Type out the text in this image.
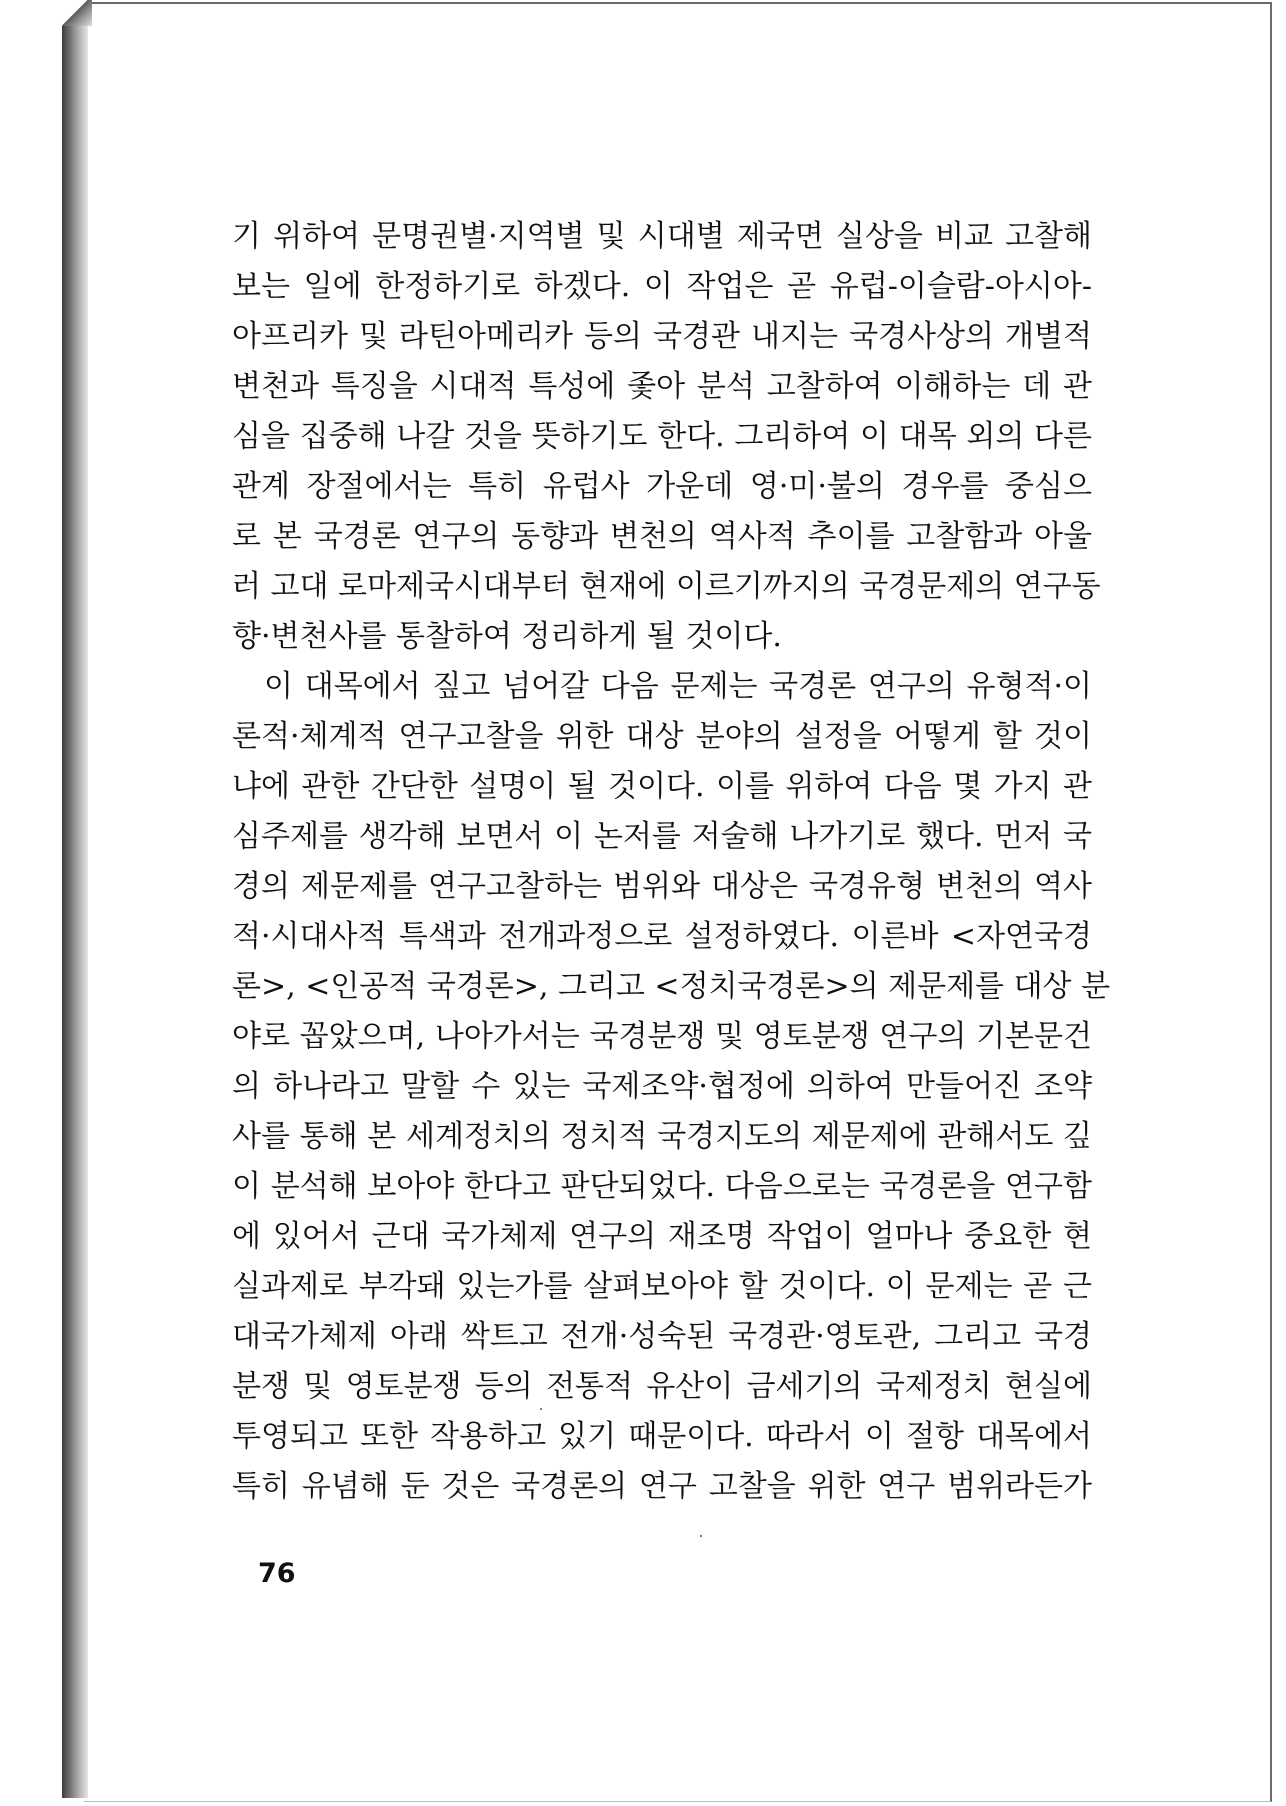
기 위하여 문명권별·지역별 및 시대별 제국면 실상을 비교 고찰해
보는 일에 한정하기로 하겠다. 이 작업은 곧 유럽-이슬람-아시아-
아프리카 및 라틴아메리카 등의 국경관 내지는 국경사상의 개별적
변천과 특징을 시대적 특성에 좇아 분석 고찰하여 이해하는 데 관
심을 집중해 나갈 것을 뜻하기도 한다. 그리하여 이 대목 외의 다른
관계 장절에서는 특히 유럽사 가운데 영·미·불의 경우를 중심으
로 본 국경론 연구의 동향과 변천의 역사적 추이를 고찰함과 아울
러 고대 로마제국시대부터 현재에 이르기까지의 국경문제의 연구동
향·변천사를 통찰하여 정리하게 될 것이다.
이 대목에서 짚고 넘어갈 다음 문제는 국경론 연구의 유형적·이
론적·체계적 연구고찰을 위한 대상 분야의 설정을 어떻게 할 것이
냐에 관한 간단한 설명이 될 것이다. 이를 위하여 다음 몇 가지 관
심주제를 생각해 보면서 이 논저를 저술해 나가기로 했다. 먼저 국
경의 제문제를 연구고찰하는 범위와 대상은 국경유형 변천의 역사
적·시대사적 특색과 전개과정으로 설정하였다. 이른바 <자연국경
론>, <인공적 국경론>, 그리고 <정치국경론>의 제문제를 대상 분
야로 꼽았으며, 나아가서는 국경분쟁 및 영토분쟁 연구의 기본문건
의 하나라고 말할 수 있는 국제조약·협정에 의하여 만들어진 조약
사를 통해 본 세계정치의 정치적 국경지도의 제문제에 관해서도 깊
이 분석해 보아야 한다고 판단되었다. 다음으로는 국경론을 연구함
에 있어서 근대 국가체제 연구의 재조명 작업이 얼마나 중요한 현
실과제로 부각돼 있는가를 살펴보아야 할 것이다. 이 문제는 곧 근
대국가체제 아래 싹트고 전개·성숙된 국경관·영토관, 그리고 국경
분쟁 및 영토분쟁 등의 전통적 유산이 금세기의 국제정치 현실에
투영되고 또한 작용하고 있기 때문이다. 따라서 이 절항 대목에서
특히 유념해 둔 것은 국경론의 연구 고찰을 위한 연구 범위라든가
76
